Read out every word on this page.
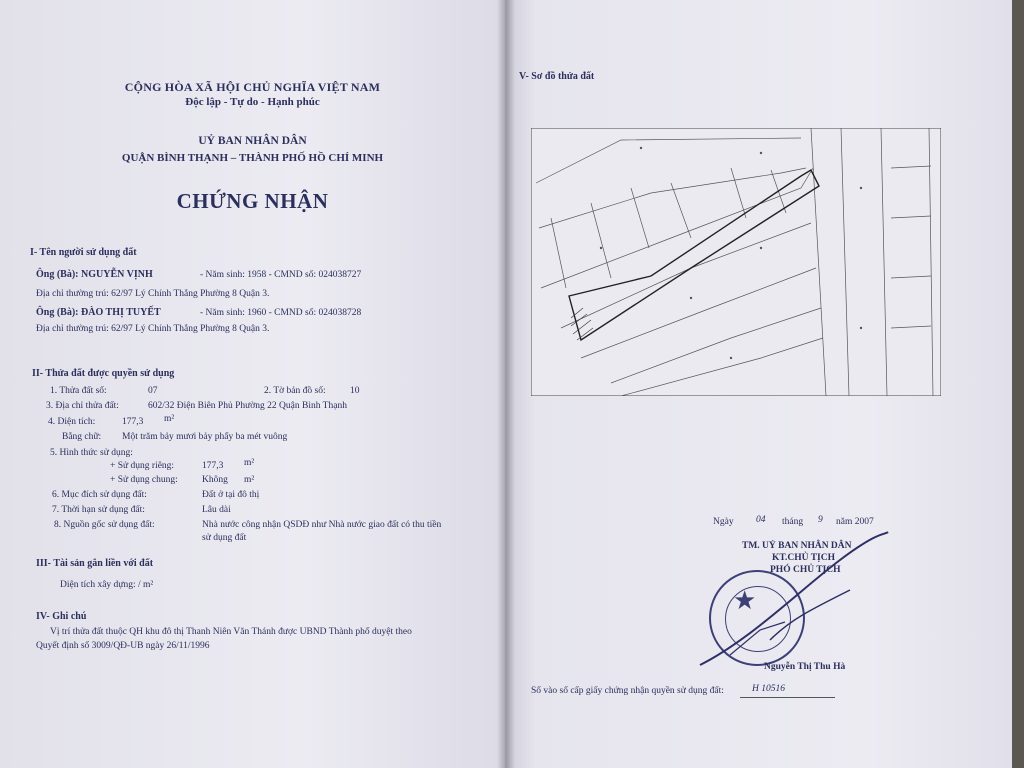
CỘNG HÒA XÃ HỘI CHỦ NGHĨA VIỆT NAM
Độc lập - Tự do - Hạnh phúc
UỶ BAN NHÂN DÂN
QUẬN BÌNH THẠNH – THÀNH PHỐ HỒ CHÍ MINH
CHỨNG NHẬN
I- Tên người sử dụng đất
Ông (Bà): NGUYỄN VỊNH	- Năm sinh: 1958 - CMND số: 024038727
Địa chỉ thường trú: 62/97 Lý Chính Thắng Phường 8 Quận 3.
Ông (Bà): ĐÀO THỊ TUYẾT	- Năm sinh: 1960 - CMND số: 024038728
Địa chỉ thường trú: 62/97 Lý Chính Thắng Phường 8 Quận 3.
II- Thửa đất được quyền sử dụng
1. Thửa đất số:	07	2. Tờ bản đồ số:	10
3. Địa chỉ thửa đất:	602/32 Điện Biên Phủ Phường 22 Quận Bình Thạnh
4. Diện tích:	177,3 m²
Bằng chữ: Một trăm bảy mươi bảy phẩy ba mét vuông
5. Hình thức sử dụng:
+ Sử dụng riêng:	177,3 m²
+ Sử dụng chung:	Không m²
6. Mục đích sử dụng đất:	Đất ở tại đô thị
7. Thời hạn sử dụng đất:	Lâu dài
8. Nguồn gốc sử dụng đất:	Nhà nước công nhận QSDĐ như Nhà nước giao đất có thu tiền
sử dụng đất
III- Tài sản gắn liền với đất
Diện tích xây dựng: / m²
IV- Ghi chú
Vị trí thửa đất thuộc QH khu đô thị Thanh Niên Văn Thánh được UBND Thành phố duyệt theo
Quyết định số 3009/QĐ-UB ngày 26/11/1996
V- Sơ đồ thửa đất
Ngày 04 tháng 9 năm 2007
TM. UỶ BAN NHÂN DÂN
KT.CHỦ TỊCH
PHÓ CHỦ TỊCH
★
Nguyễn Thị Thu Hà
Số vào sổ cấp giấy chứng nhận quyền sử dụng đất:	H 10516
